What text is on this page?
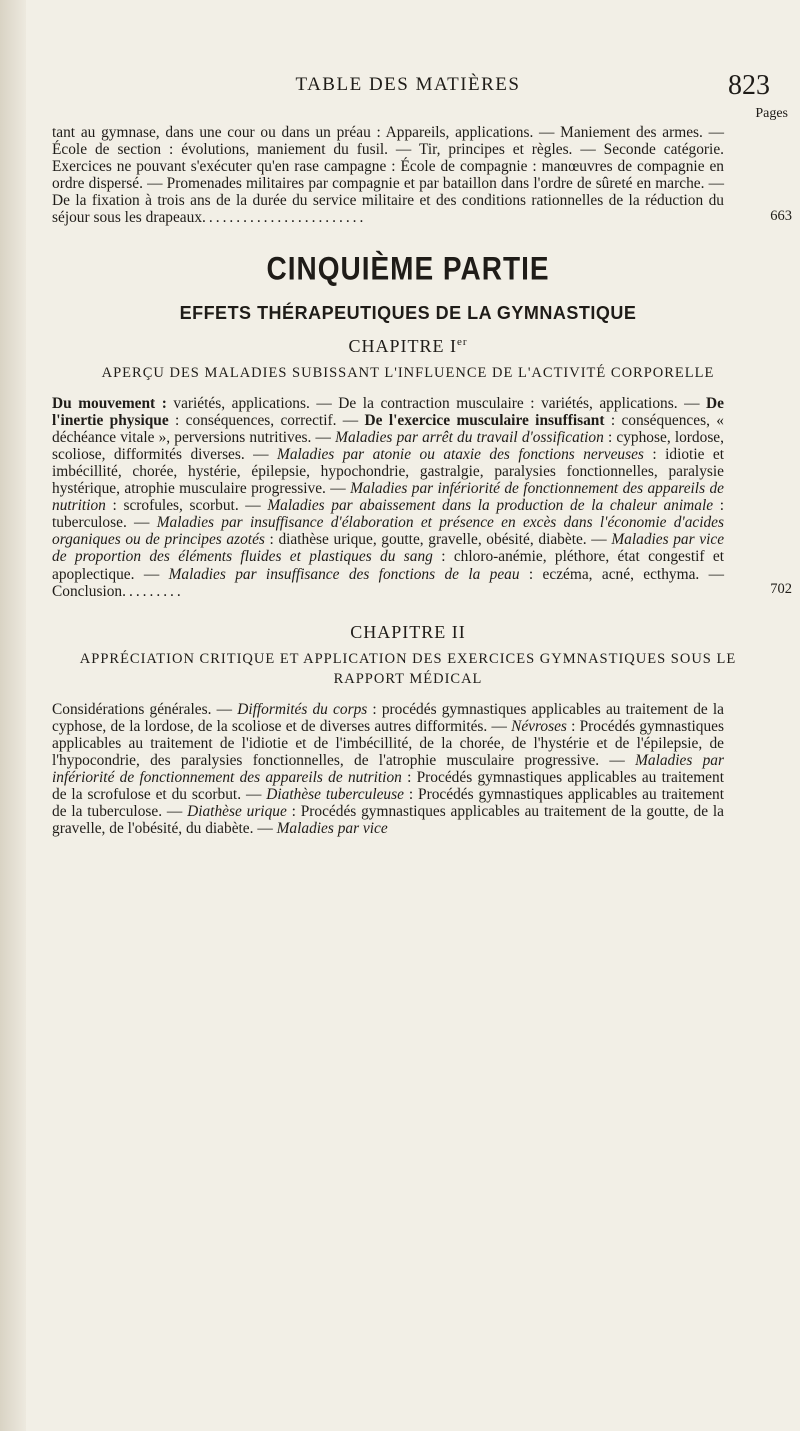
TABLE DES MATIÈRES	823
Pages

tant au gymnase, dans une cour ou dans un préau : Appareils, applications. — Maniement des armes. — École de section : évolutions, maniement du fusil. — Tir, principes et règles. — Seconde catégorie. Exercices ne pouvant s'exécuter qu'en rase campagne : École de compagnie : manœuvres de compagnie en ordre dispersé. — Promenades militaires par compagnie et par bataillon dans l'ordre de sûreté en marche. — De la fixation à trois ans de la durée du service militaire et des conditions rationnelles de la réduction du séjour sous les drapeaux........................	663
CINQUIÈME PARTIE
EFFETS THÉRAPEUTIQUES DE LA GYMNASTIQUE
CHAPITRE Ier
APERÇU DES MALADIES SUBISSANT L'INFLUENCE DE L'ACTIVITÉ CORPORELLE

Du mouvement : variétés, applications. — De la contraction musculaire : variétés, applications. — De l'inertie physique : conséquences, correctif. — De l'exercice musculaire insuffisant : conséquences, « déchéance vitale », perversions nutritives. — Maladies par arrêt du travail d'ossification : cyphose, lordose, scoliose, difformités diverses. — Maladies par atonie ou ataxie des fonctions nerveuses : idiotie et imbécillité, chorée, hystérie, épilepsie, hypochondrie, gastralgie, paralysies fonctionnelles, paralysie hystérique, atrophie musculaire progressive. — Maladies par infériorité de fonctionnement des appareils de nutrition : scrofules, scorbut. — Maladies par abaissement dans la production de la chaleur animale : tuberculose. — Maladies par insuffisance d'élaboration et présence en excès dans l'économie d'acides organiques ou de principes azotés : diathèse urique, goutte, gravelle, obésité, diabète. — Maladies par vice de proportion des éléments fluides et plastiques du sang : chloro-anémie, pléthore, état congestif et apoplectique. — Maladies par insuffisance des fonctions de la peau : eczéma, acné, ecthyma. — Conclusion.........	702
CHAPITRE II
APPRÉCIATION CRITIQUE ET APPLICATION DES EXERCICES GYMNASTIQUES SOUS LE RAPPORT MÉDICAL

Considérations générales. — Difformités du corps : procédés gymnastiques applicables au traitement de la cyphose, de la lordose, de la scoliose et de diverses autres difformités. — Névroses : Procédés gymnastiques applicables au traitement de l'idiotie et de l'imbécillité, de la chorée, de l'hystérie et de l'épilepsie, de l'hypocondrie, des paralysies fonctionnelles, de l'atrophie musculaire progressive. — Maladies par infériorité de fonctionnement des appareils de nutrition : Procédés gymnastiques applicables au traitement de la scrofulose et du scorbut. — Diathèse tuberculeuse : Procédés gymnastiques applicables au traitement de la tuberculose. — Diathèse urique : Procédés gymnastiques applicables au traitement de la goutte, de la gravelle, de l'obésité, du diabète. — Maladies par vice
